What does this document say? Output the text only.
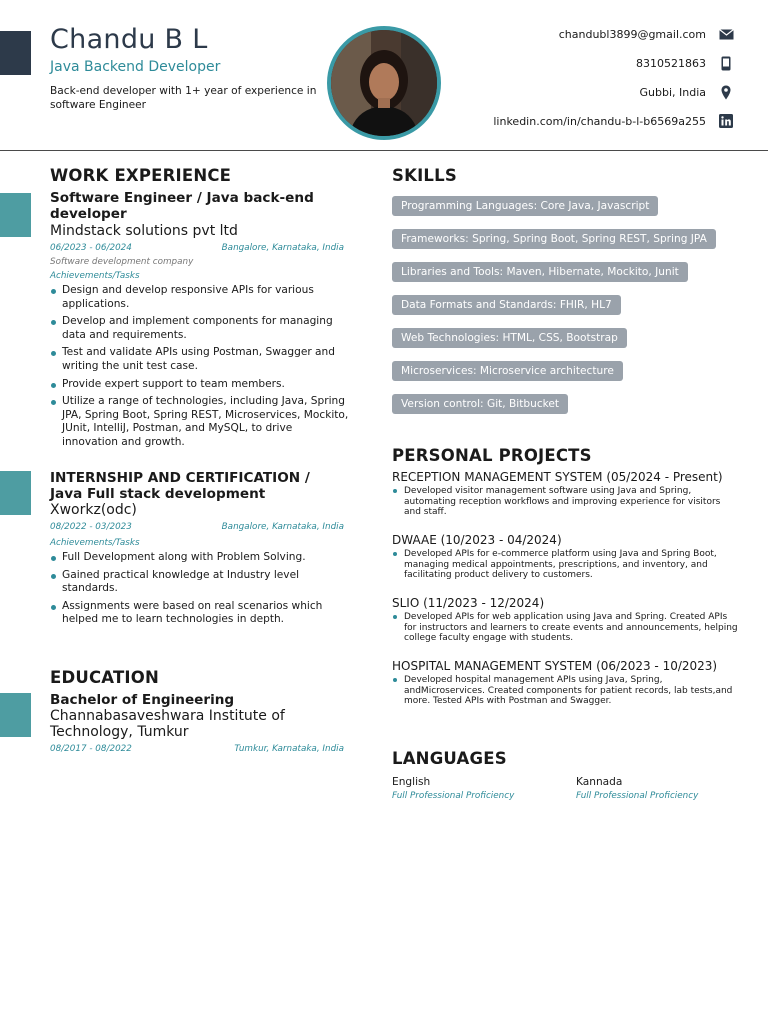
Chandu B L
Java Backend Developer
Back-end developer with 1+ year of experience in software Engineer
chandubl3899@gmail.com
8310521863
Gubbi, India
linkedin.com/in/chandu-b-l-b6569a255
WORK EXPERIENCE
Software Engineer / Java back-end developer
Mindstack solutions pvt ltd
06/2023 - 06/2024	Bangalore, Karnataka, India
Software development company
Achievements/Tasks
Design and develop responsive APIs for various applications.
Develop and implement components for managing data and requirements.
Test and validate APIs using Postman, Swagger and writing the unit test case.
Provide expert support to team members.
Utilize a range of technologies, including Java, Spring JPA, Spring Boot, Spring REST, Microservices, Mockito, JUnit, IntelliJ, Postman, and MySQL, to drive innovation and growth.
INTERNSHIP AND CERTIFICATION / Java Full stack development
Xworkz(odc)
08/2022 - 03/2023	Bangalore, Karnataka, India
Achievements/Tasks
Full Development along with Problem Solving.
Gained practical knowledge at Industry level standards.
Assignments were based on real scenarios which helped me to learn technologies in depth.
EDUCATION
Bachelor of Engineering
Channabasaveshwara Institute of Technology, Tumkur
08/2017 - 08/2022	Tumkur, Karnataka, India
SKILLS
Programming Languages: Core Java, Javascript
Frameworks: Spring, Spring Boot, Spring REST, Spring JPA
Libraries and Tools: Maven, Hibernate, Mockito, Junit
Data Formats and Standards: FHIR, HL7
Web Technologies: HTML, CSS, Bootstrap
Microservices: Microservice architecture
Version control: Git, Bitbucket
PERSONAL PROJECTS
RECEPTION MANAGEMENT SYSTEM (05/2024 - Present)
Developed visitor management software using Java and Spring, automating reception workflows and improving experience for visitors and staff.
DWAAE (10/2023 - 04/2024)
Developed APIs for e-commerce platform using Java and Spring Boot, managing medical appointments, prescriptions, and inventory, and facilitating product delivery to customers.
SLIO (11/2023 - 12/2024)
Developed APIs for web application using Java and Spring. Created APIs for instructors and learners to create events and announcements, helping college faculty engage with students.
HOSPITAL MANAGEMENT SYSTEM (06/2023 - 10/2023)
Developed hospital management APIs using Java, Spring, andMicroservices. Created components for patient records, lab tests,and more. Tested APIs with Postman and Swagger.
LANGUAGES
English
Full Professional Proficiency
Kannada
Full Professional Proficiency
